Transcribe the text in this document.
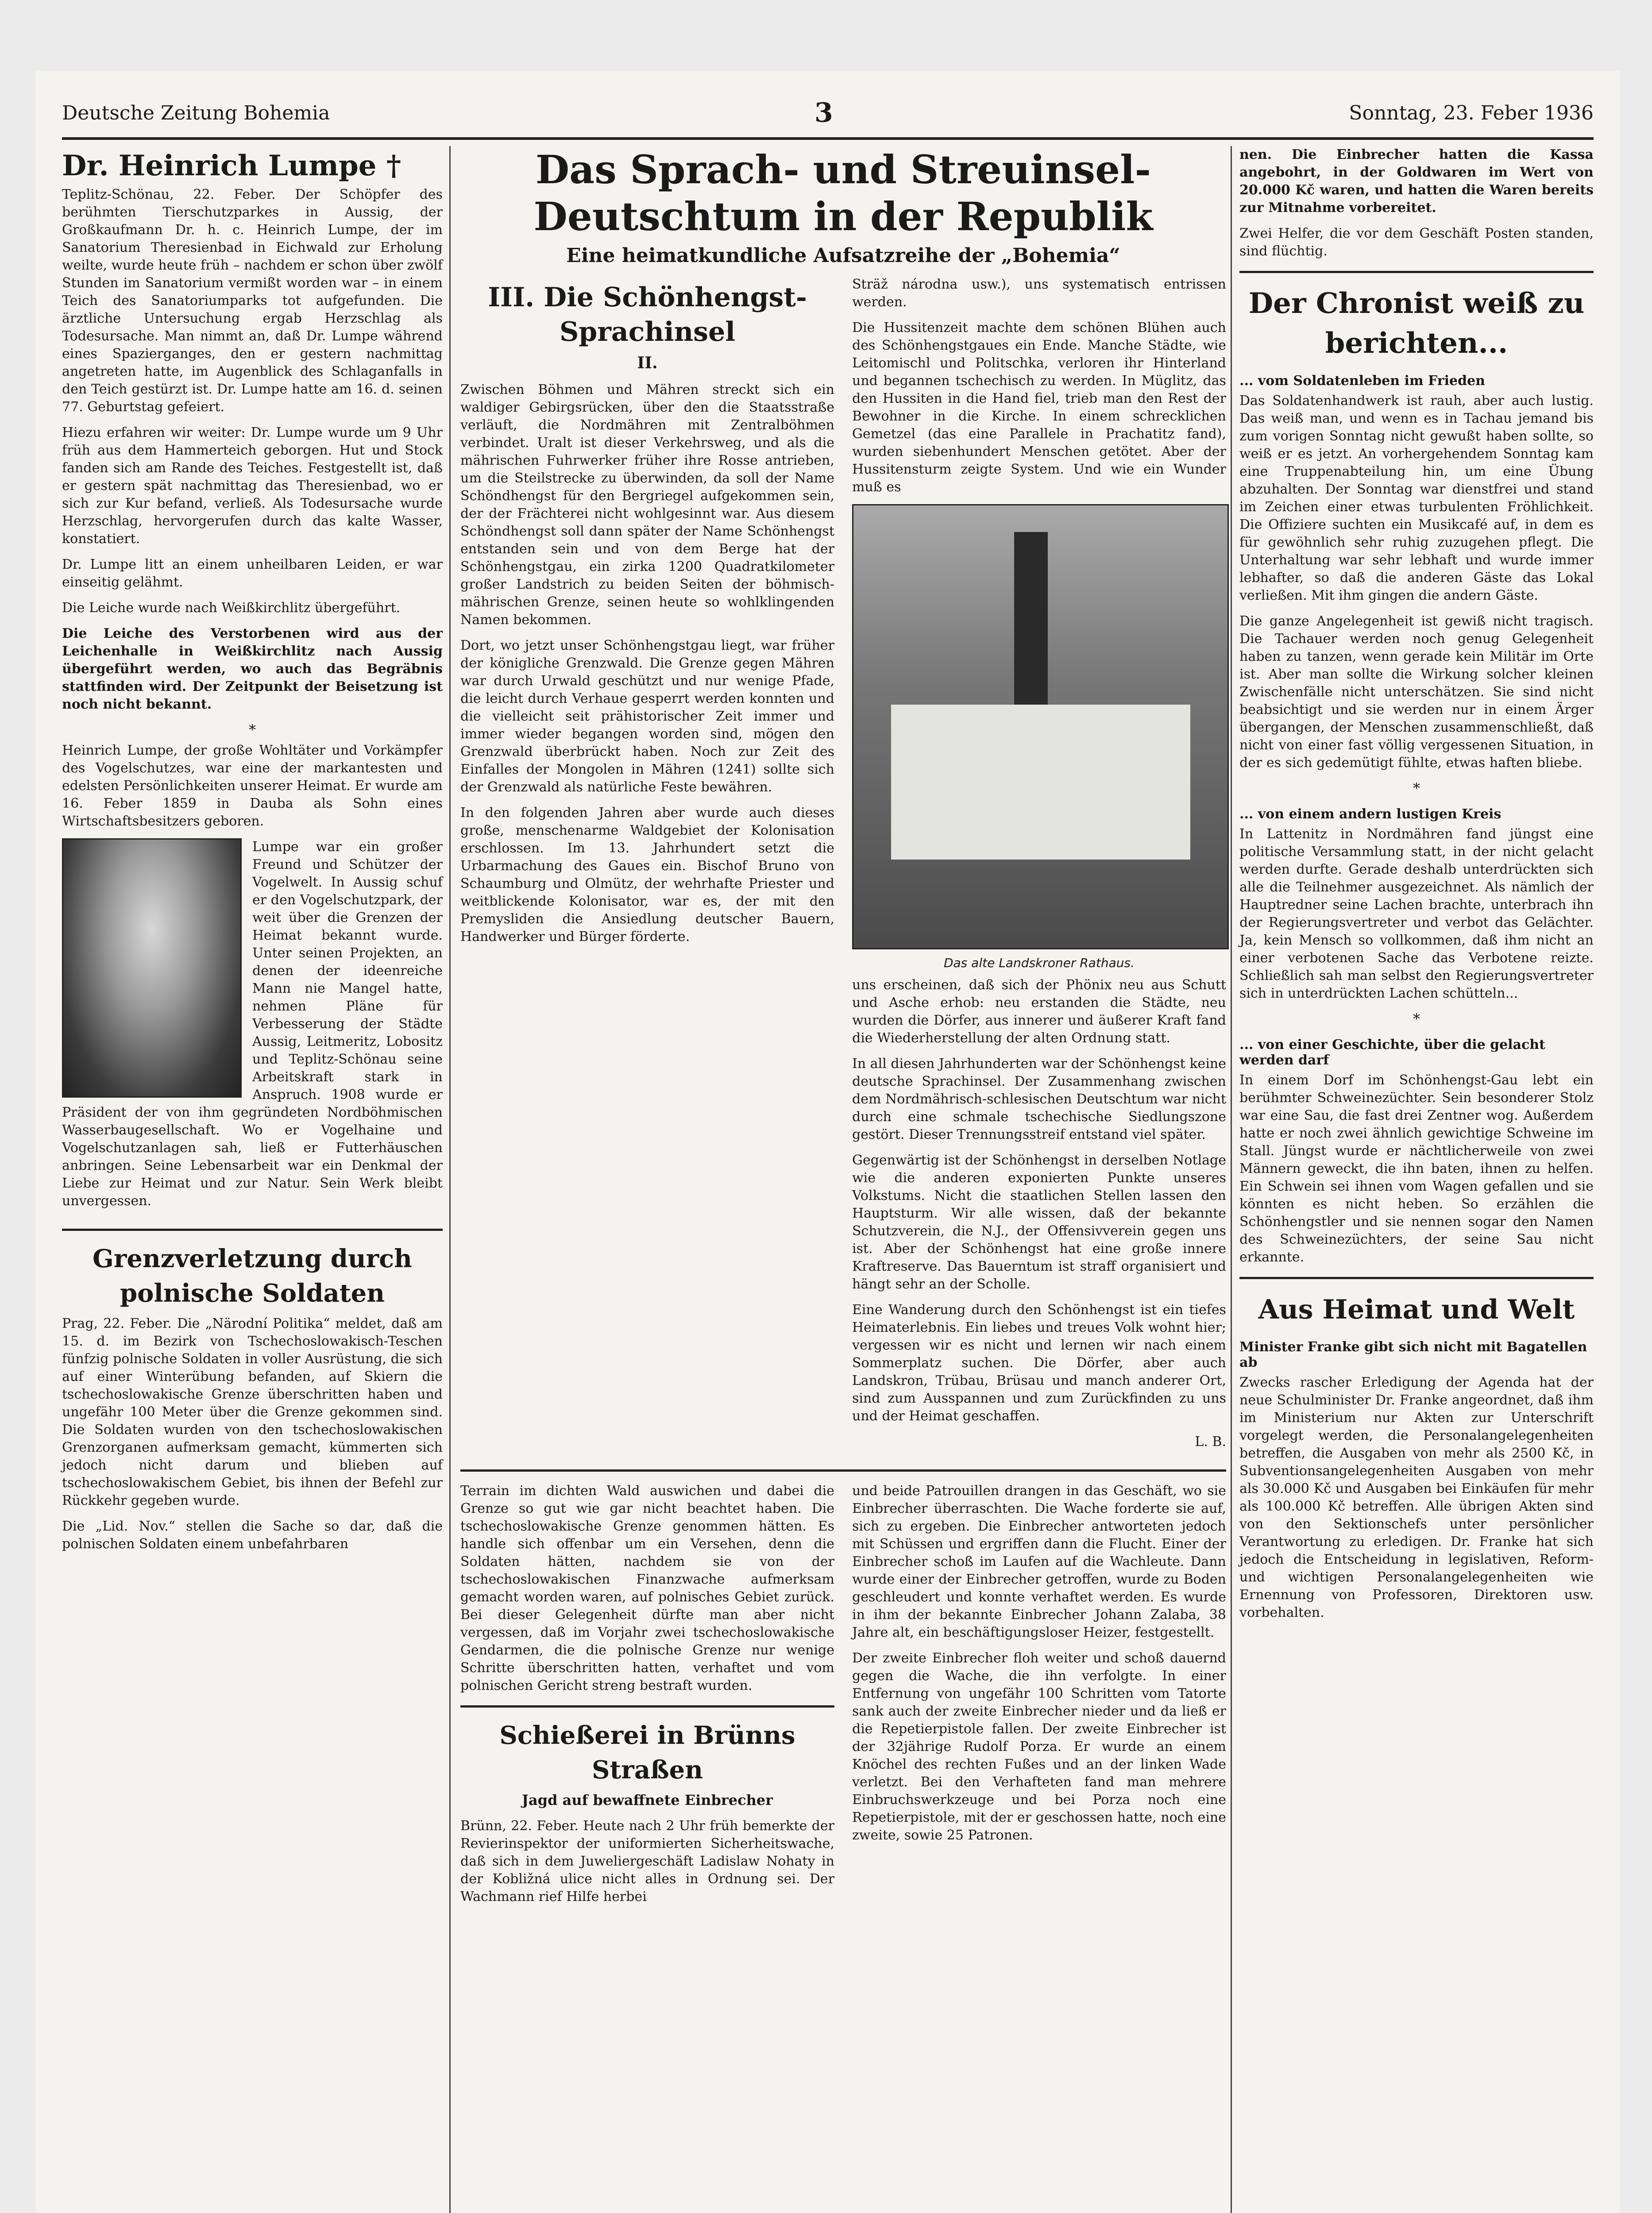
Deutsche Zeitung Bohemia	3	Sonntag, 23. Feber 1936
Dr. Heinrich Lumpe †

Teplitz-Schönau, 22. Feber. Der Schöpfer des berühmten Tierschutzparkes in Aussig, der Großkaufmann Dr. h. c. Heinrich Lumpe, der im Sanatorium Theresienbad in Eichwald zur Erholung weilte, wurde heute früh – nachdem er schon über zwölf Stunden im Sanatorium vermißt worden war – in einem Teich des Sanatoriumparks tot aufgefunden. Die ärztliche Untersuchung ergab Herzschlag als Todesursache. Man nimmt an, daß Dr. Lumpe während eines Spazierganges, den er gestern nachmittag angetreten hatte, im Augenblick des Schlaganfalls in den Teich gestürzt ist. Dr. Lumpe hatte am 16. d. seinen 77. Geburtstag gefeiert.

Hiezu erfahren wir weiter: Dr. Lumpe wurde um 9 Uhr früh aus dem Hammerteich geborgen. Hut und Stock fanden sich am Rande des Teiches. Festgestellt ist, daß er gestern spät nachmittag das Theresienbad, wo er sich zur Kur befand, verließ. Als Todesursache wurde Herzschlag, hervorgerufen durch das kalte Wasser, konstatiert.

Dr. Lumpe litt an einem unheilbaren Leiden, er war einseitig gelähmt.

Die Leiche wurde nach Weißkirchlitz übergeführt.

Die Leiche des Verstorbenen wird aus der Leichenhalle in Weißkirchlitz nach Aussig übergeführt werden, wo auch das Begräbnis stattfinden wird. Der Zeitpunkt der Beisetzung ist noch nicht bekannt.

*

Heinrich Lumpe, der große Wohltäter und Vorkämpfer des Vogelschutzes, war eine der markantesten und edelsten Persönlichkeiten unserer Heimat. Er wurde am 16. Feber 1859 in Dauba als Sohn eines Wirtschaftsbesitzers geboren.

Lumpe war ein großer Freund und Schützer der Vogelwelt. In Aussig schuf er den Vogelschutzpark, der weit über die Grenzen der Heimat bekannt wurde. Unter seinen Projekten, an denen der ideenreiche Mann nie Mangel hatte, nehmen Pläne für Verbesserung der Städte Aussig, Leitmeritz, Lobositz und Teplitz-Schönau seine Arbeitskraft stark in Anspruch. 1908 wurde er Präsident der von ihm gegründeten Nordböhmischen Wasserbaugesellschaft. Wo er Vogelhaine und Vogelschutzanlagen sah, ließ er Futterhäuschen anbringen. Seine Lebensarbeit war ein Denkmal der Liebe zur Heimat und zur Natur. Sein Werk bleibt unvergessen.

Grenzverletzung durch polnische Soldaten

Prag, 22. Feber. Die „Närodní Politika“ meldet, daß am 15. d. im Bezirk von Tschechoslowakisch-Teschen fünfzig polnische Soldaten in voller Ausrüstung, die sich auf einer Winterübung befanden, auf Skiern die tschechoslowakische Grenze überschritten haben und ungefähr 100 Meter über die Grenze gekommen sind. Die Soldaten wurden von den tschechoslowakischen Grenzorganen aufmerksam gemacht, kümmerten sich jedoch nicht darum und blieben auf tschechoslowakischem Gebiet, bis ihnen der Befehl zur Rückkehr gegeben wurde.

Die „Lid. Nov.“ stellen die Sache so dar, daß die polnischen Soldaten einem unbefahrbaren

Das Sprach- und Streuinsel-Deutschtum in der Republik
Eine heimatkundliche Aufsatzreihe der „Bohemia“
III. Die Schönhengst-Sprachinsel
II.

Zwischen Böhmen und Mähren streckt sich ein waldiger Gebirgsrücken, über den die Staatsstraße verläuft, die Nordmähren mit Zentralböhmen verbindet. Uralt ist dieser Verkehrsweg, und als die mährischen Fuhrwerker früher ihre Rosse antrieben, um die Steilstrecke zu überwinden, da soll der Name Schöndhengst für den Bergriegel aufgekommen sein, der der Frächterei nicht wohlgesinnt war. Aus diesem Schöndhengst soll dann später der Name Schönhengst entstanden sein und von dem Berge hat der Schönhengstgau, ein zirka 1200 Quadratkilometer großer Landstrich zu beiden Seiten der böhmisch-mährischen Grenze, seinen heute so wohlklingenden Namen bekommen.

Dort, wo jetzt unser Schönhengstgau liegt, war früher der königliche Grenzwald. Die Grenze gegen Mähren war durch Urwald geschützt und nur wenige Pfade, die leicht durch Verhaue gesperrt werden konnten und die vielleicht seit prähistorischer Zeit immer und immer wieder begangen worden sind, mögen den Grenzwald überbrückt haben. Noch zur Zeit des Einfalles der Mongolen in Mähren (1241) sollte sich der Grenzwald als natürliche Feste bewähren.

In den folgenden Jahren aber wurde auch dieses große, menschenarme Waldgebiet der Kolonisation erschlossen. Im 13. Jahrhundert setzt die Urbarmachung des Gaues ein. Bischof Bruno von Schaumburg und Olmütz, der wehrhafte Priester und weitblickende Kolonisator, war es, der mit den Premysliden die Ansiedlung deutscher Bauern, Handwerker und Bürger förderte.

Sträž národna usw.), uns systematisch entrissen werden.

Die Hussitenzeit machte dem schönen Blühen auch des Schönhengstgaues ein Ende. Manche Städte, wie Leitomischl und Politschka, verloren ihr Hinterland und begannen tschechisch zu werden. In Müglitz, das den Hussiten in die Hand fiel, trieb man den Rest der Bewohner in die Kirche. In einem schrecklichen Gemetzel (das eine Parallele in Prachatitz fand), wurden siebenhundert Menschen getötet. Aber der Hussitensturm zeigte System. Und wie ein Wunder muß es

Das alte Landskroner Rathaus.

uns erscheinen, daß sich der Phönix neu aus Schutt und Asche erhob: neu erstanden die Städte, neu wurden die Dörfer, aus innerer und äußerer Kraft fand die Wiederherstellung der alten Ordnung statt.

In all diesen Jahrhunderten war der Schönhengst keine deutsche Sprachinsel. Der Zusammenhang zwischen dem Nordmährisch-schlesischen Deutschtum war nicht durch eine schmale tschechische Siedlungszone gestört. Dieser Trennungsstreif entstand viel später.

Gegenwärtig ist der Schönhengst in derselben Notlage wie die anderen exponierten Punkte unseres Volkstums. Nicht die staatlichen Stellen lassen den Hauptsturm. Wir alle wissen, daß der bekannte Schutzverein, die N.J., der Offensivverein gegen uns ist. Aber der Schönhengst hat eine große innere Kraftreserve. Das Bauerntum ist straff organisiert und hängt sehr an der Scholle.

Eine Wanderung durch den Schönhengst ist ein tiefes Heimaterlebnis. Ein liebes und treues Volk wohnt hier; vergessen wir es nicht und lernen wir nach einem Sommerplatz suchen. Die Dörfer, aber auch Landskron, Trübau, Brüsau und manch anderer Ort, sind zum Ausspannen und zum Zurückfinden zu uns und der Heimat geschaffen.

L. B.

Terrain im dichten Wald auswichen und dabei die Grenze so gut wie gar nicht beachtet haben. Die tschechoslowakische Grenze genommen hätten. Es handle sich offenbar um ein Versehen, denn die Soldaten hätten, nachdem sie von der tschechoslowakischen Finanzwache aufmerksam gemacht worden waren, auf polnisches Gebiet zurück. Bei dieser Gelegenheit dürfte man aber nicht vergessen, daß im Vorjahr zwei tschechoslowakische Gendarmen, die die polnische Grenze nur wenige Schritte überschritten hatten, verhaftet und vom polnischen Gericht streng bestraft wurden.

Schießerei in Brünns Straßen
Jagd auf bewaffnete Einbrecher

Brünn, 22. Feber. Heute nach 2 Uhr früh bemerkte der Revierinspektor der uniformierten Sicherheitswache, daß sich in dem Juweliergeschäft Ladislaw Nohaty in der Kobližná ulice nicht alles in Ordnung sei. Der Wachmann rief Hilfe herbei

und beide Patrouillen drangen in das Geschäft, wo sie Einbrecher überraschten. Die Wache forderte sie auf, sich zu ergeben. Die Einbrecher antworteten jedoch mit Schüssen und ergriffen dann die Flucht. Einer der Einbrecher schoß im Laufen auf die Wachleute. Dann wurde einer der Einbrecher getroffen, wurde zu Boden geschleudert und konnte verhaftet werden. Es wurde in ihm der bekannte Einbrecher Johann Zalaba, 38 Jahre alt, ein beschäftigungsloser Heizer, festgestellt.

Der zweite Einbrecher floh weiter und schoß dauernd gegen die Wache, die ihn verfolgte. In einer Entfernung von ungefähr 100 Schritten vom Tatorte sank auch der zweite Einbrecher nieder und da ließ er die Repetierpistole fallen. Der zweite Einbrecher ist der 32jährige Rudolf Porza. Er wurde an einem Knöchel des rechten Fußes und an der linken Wade verletzt. Bei den Verhafteten fand man mehrere Einbruchswerkzeuge und bei Porza noch eine Repetierpistole, mit der er geschossen hatte, noch eine zweite, sowie 25 Patronen.

nen. Die Einbrecher hatten die Kassa angebohrt, in der Goldwaren im Wert von 20.000 Kč waren, und hatten die Waren bereits zur Mitnahme vorbereitet.

Zwei Helfer, die vor dem Geschäft Posten standen, sind flüchtig.

Der Chronist weiß zu berichten...
... vom Soldatenleben im Frieden

Das Soldatenhandwerk ist rauh, aber auch lustig. Das weiß man, und wenn es in Tachau jemand bis zum vorigen Sonntag nicht gewußt haben sollte, so weiß er es jetzt. An vorhergehendem Sonntag kam eine Truppenabteilung hin, um eine Übung abzuhalten. Der Sonntag war dienstfrei und stand im Zeichen einer etwas turbulenten Fröhlichkeit. Die Offiziere suchten ein Musikcafé auf, in dem es für gewöhnlich sehr ruhig zuzugehen pflegt. Die Unterhaltung war sehr lebhaft und wurde immer lebhafter, so daß die anderen Gäste das Lokal verließen. Mit ihm gingen die andern Gäste.

Die ganze Angelegenheit ist gewiß nicht tragisch. Die Tachauer werden noch genug Gelegenheit haben zu tanzen, wenn gerade kein Militär im Orte ist. Aber man sollte die Wirkung solcher kleinen Zwischenfälle nicht unterschätzen. Sie sind nicht beabsichtigt und sie werden nur in einem Ärger übergangen, der Menschen zusammenschließt, daß nicht von einer fast völlig vergessenen Situation, in der es sich gedemütigt fühlte, etwas haften bliebe.

*
... von einem andern lustigen Kreis

In Lattenitz in Nordmähren fand jüngst eine politische Versammlung statt, in der nicht gelacht werden durfte. Gerade deshalb unterdrückten sich alle die Teilnehmer ausgezeichnet. Als nämlich der Hauptredner seine Lachen brachte, unterbrach ihn der Regierungsvertreter und verbot das Gelächter. Ja, kein Mensch so vollkommen, daß ihm nicht an einer verbotenen Sache das Verbotene reizte. Schließlich sah man selbst den Regierungsvertreter sich in unterdrückten Lachen schütteln...

*
... von einer Geschichte, über die gelacht werden darf

In einem Dorf im Schönhengst-Gau lebt ein berühmter Schweinezüchter. Sein besonderer Stolz war eine Sau, die fast drei Zentner wog. Außerdem hatte er noch zwei ähnlich gewichtige Schweine im Stall. Jüngst wurde er nächtlicherweile von zwei Männern geweckt, die ihn baten, ihnen zu helfen. Ein Schwein sei ihnen vom Wagen gefallen und sie könnten es nicht heben. So erzählen die Schönhengstler und sie nennen sogar den Namen des Schweinezüchters, der seine Sau nicht erkannte.

Aus Heimat und Welt
Minister Franke gibt sich nicht mit Bagatellen ab

Zwecks rascher Erledigung der Agenda hat der neue Schulminister Dr. Franke angeordnet, daß ihm im Ministerium nur Akten zur Unterschrift vorgelegt werden, die Personalangelegenheiten betreffen, die Ausgaben von mehr als 2500 Kč, in Subventionsangelegenheiten Ausgaben von mehr als 30.000 Kč und Ausgaben bei Einkäufen für mehr als 100.000 Kč betreffen. Alle übrigen Akten sind von den Sektionschefs unter persönlicher Verantwortung zu erledigen. Dr. Franke hat sich jedoch die Entscheidung in legislativen, Reform- und wichtigen Personalangelegenheiten wie Ernennung von Professoren, Direktoren usw. vorbehalten.
